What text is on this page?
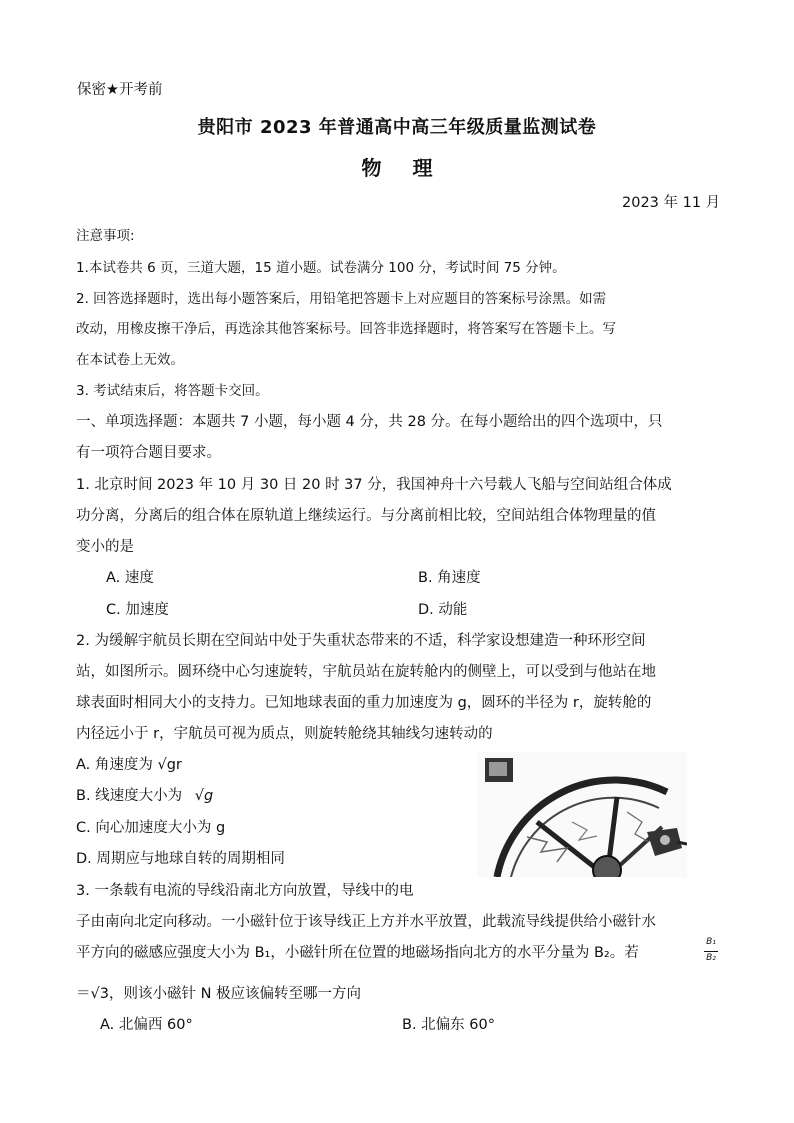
保密★开考前
贵阳市 2023 年普通高中高三年级质量监测试卷
物 理
2023 年 11 月
注意事项:
1.本试卷共 6 页，三道大题，15 道小题。试卷满分 100 分，考试时间 75 分钟。
2. 回答选择题时，选出每小题答案后，用铅笔把答题卡上对应题目的答案标号涂黑。如需
改动，用橡皮擦干净后，再选涂其他答案标号。回答非选择题时，将答案写在答题卡上。写
在本试卷上无效。
3. 考试结束后，将答题卡交回。
一、单项选择题：本题共 7 小题，每小题 4 分，共 28 分。在每小题给出的四个选项中，只
有一项符合题目要求。
1. 北京时间 2023 年 10 月 30 日 20 时 37 分，我国神舟十六号载人飞船与空间站组合体成
功分离，分离后的组合体在原轨道上继续运行。与分离前相比较，空间站组合体物理量的值
变小的是
A. 速度	B. 角速度
C. 加速度	D. 动能
2. 为缓解宇航员长期在空间站中处于失重状态带来的不适，科学家设想建造一种环形空间
站，如图所示。圆环绕中心匀速旋转，宇航员站在旋转舱内的侧壁上，可以受到与他站在地
球表面时相同大小的支持力。已知地球表面的重力加速度为 g，圆环的半径为 r，旋转舱的
内径远小于 r，宇航员可视为质点，则旋转舱绕其轴线匀速转动的
A. 角速度为 √gr
B. 线速度大小为 √g
C. 向心加速度大小为 g
D. 周期应与地球自转的周期相同
3. 一条载有电流的导线沿南北方向放置，导线中的电
子由南向北定向移动。一小磁针位于该导线正上方并水平放置，此载流导线提供给小磁针水
平方向的磁感应强度大小为 B₁，小磁针所在位置的地磁场指向北方的水平分量为 B₂。若
B₁
B₂
＝√3，则该小磁针 N 极应该偏转至哪一方向
A. 北偏西 60°	B. 北偏东 60°
